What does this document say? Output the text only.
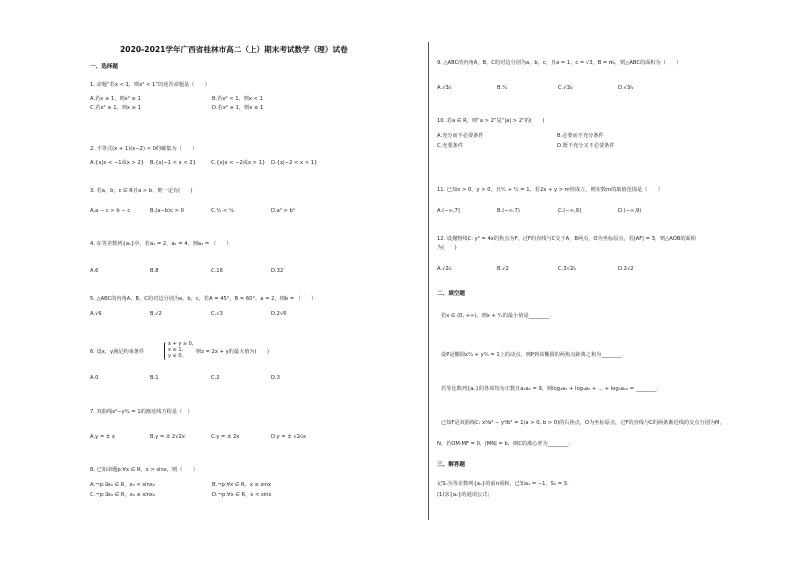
2020-2021学年广西省桂林市高二（上）期末考试数学（理）试卷
一、选择题
1. 命题“若x < 1，则x² < 1”的逆否命题是（　　）
A.若x ≥ 1，则x² ≥ 1	B.若x² < 1，则x < 1
C.若x² ≥ 1，则x ≥ 1	D.若x² ≥ 1，则x ≤ 1
2. 不等式(x + 1)(x−2) < 0的解集为（　　）
A.{x|x < −1或x > 2} B.{x|−1 < x < 2}	C.{x|x < −2或x > 1} D.{x|−2 < x < 1}
3. 若a，b，c ∈ R且a > b，则一定有(　　)
A.a − c > b − c	B.(a−b)c > 0	C.¹⁄ₐ < ¹⁄ᵦ	D.a² > b²
4. 在等差数列{aₙ}中，若a₁ = 2，a₂ = 4，则a₃ = （　　）
A.6	B.8	C.16	D.32
5. △ABC的内角A，B，C的对边分别为a，b，c，若A = 45°，B = 60°，a = 2，则b = （　　）
A.√6	B.√2	C.√3	D.2√6
6. 设x，y满足约束条件
x + y ≥ 0,
x ≤ 1,
y ≤ 0,
则z = 2x + y的最大值为(　　)
A.0	B.1	C.2	D.3
7. 双曲线x²−y²⁄₂ = 1的渐近线方程是（　）
A.y = ± x	B.y = ± 2√2x	C.y = ± 2x	D.y = ± √2⁄₂x
8. 已知命题p:∀x ∈ R，x > sinx，则（　　）
A.¬p:∃x₀ ∈ R，x₀ < sinx₀	B.¬p:∀x ∈ R，x ≤ sinx
C.¬p:∃x₀ ∈ R，x₀ ≤ sinx₀	D.¬p:∀x ∈ R，x < sinx
9. △ABC的内角A，B，C的对边分别为a，b，c，且a = 1，c = √3，B = π⁄₆，则△ABC的面积为（　　）
A.√3⁄₂	B.¹⁄₄	C.√3⁄₂	D.√3⁄₄
10. 若a ∈ R，则“a > 2”是“|a| > 2”的(　　)
A.充分而不必要条件	B.必要而不充分条件
C.充要条件	D.既不充分又不必要条件
11. 已知x > 0，y > 0，且²⁄ₓ + ¹⁄ᵧ = 1，若2x + y > m恒成立，则实数m的取值范围是（　　）
A.(−∞,7]	B.(−∞,7)	C.(−∞,9]	D.(−∞,9)
12. 设抛物线C: y² = 4x的焦点为F，过F的直线与C交于A，B两点，O为坐标原点，若|AF| = 3，则△AOB的面积
为(　　)
A.√2⁄₂	B.√2	C.3√2⁄₂	D.2√2
二、填空题
若x ∈ (0, +∞)，则x + ⁴⁄ₓ的最小值是________.
设P是椭圆x²⁄₄ + y²⁄₃ = 1上的动点，则P到该椭圆的两焦点距离之和为________.
若等比数列{aₙ}的各项均为正数且a₅a₆ = 9，则log₃a₁ + log₃a₂ + … + log₃a₁₀ = ________.
已知F是双曲线C: x²⁄a² − y²⁄b² = 1(a > 0, b > 0)的右焦点，O为坐标原点，过F的直线与C的两条渐近线的交点分别为M，
N，若OM·MF = 0，|MN| = b，则C的离心率为________.
三、解答题
记Sₙ为等差数列{aₙ}的前n项和，已知a₁ = −1，S₃ = 3.
(1)求{aₙ}的通项公式；
